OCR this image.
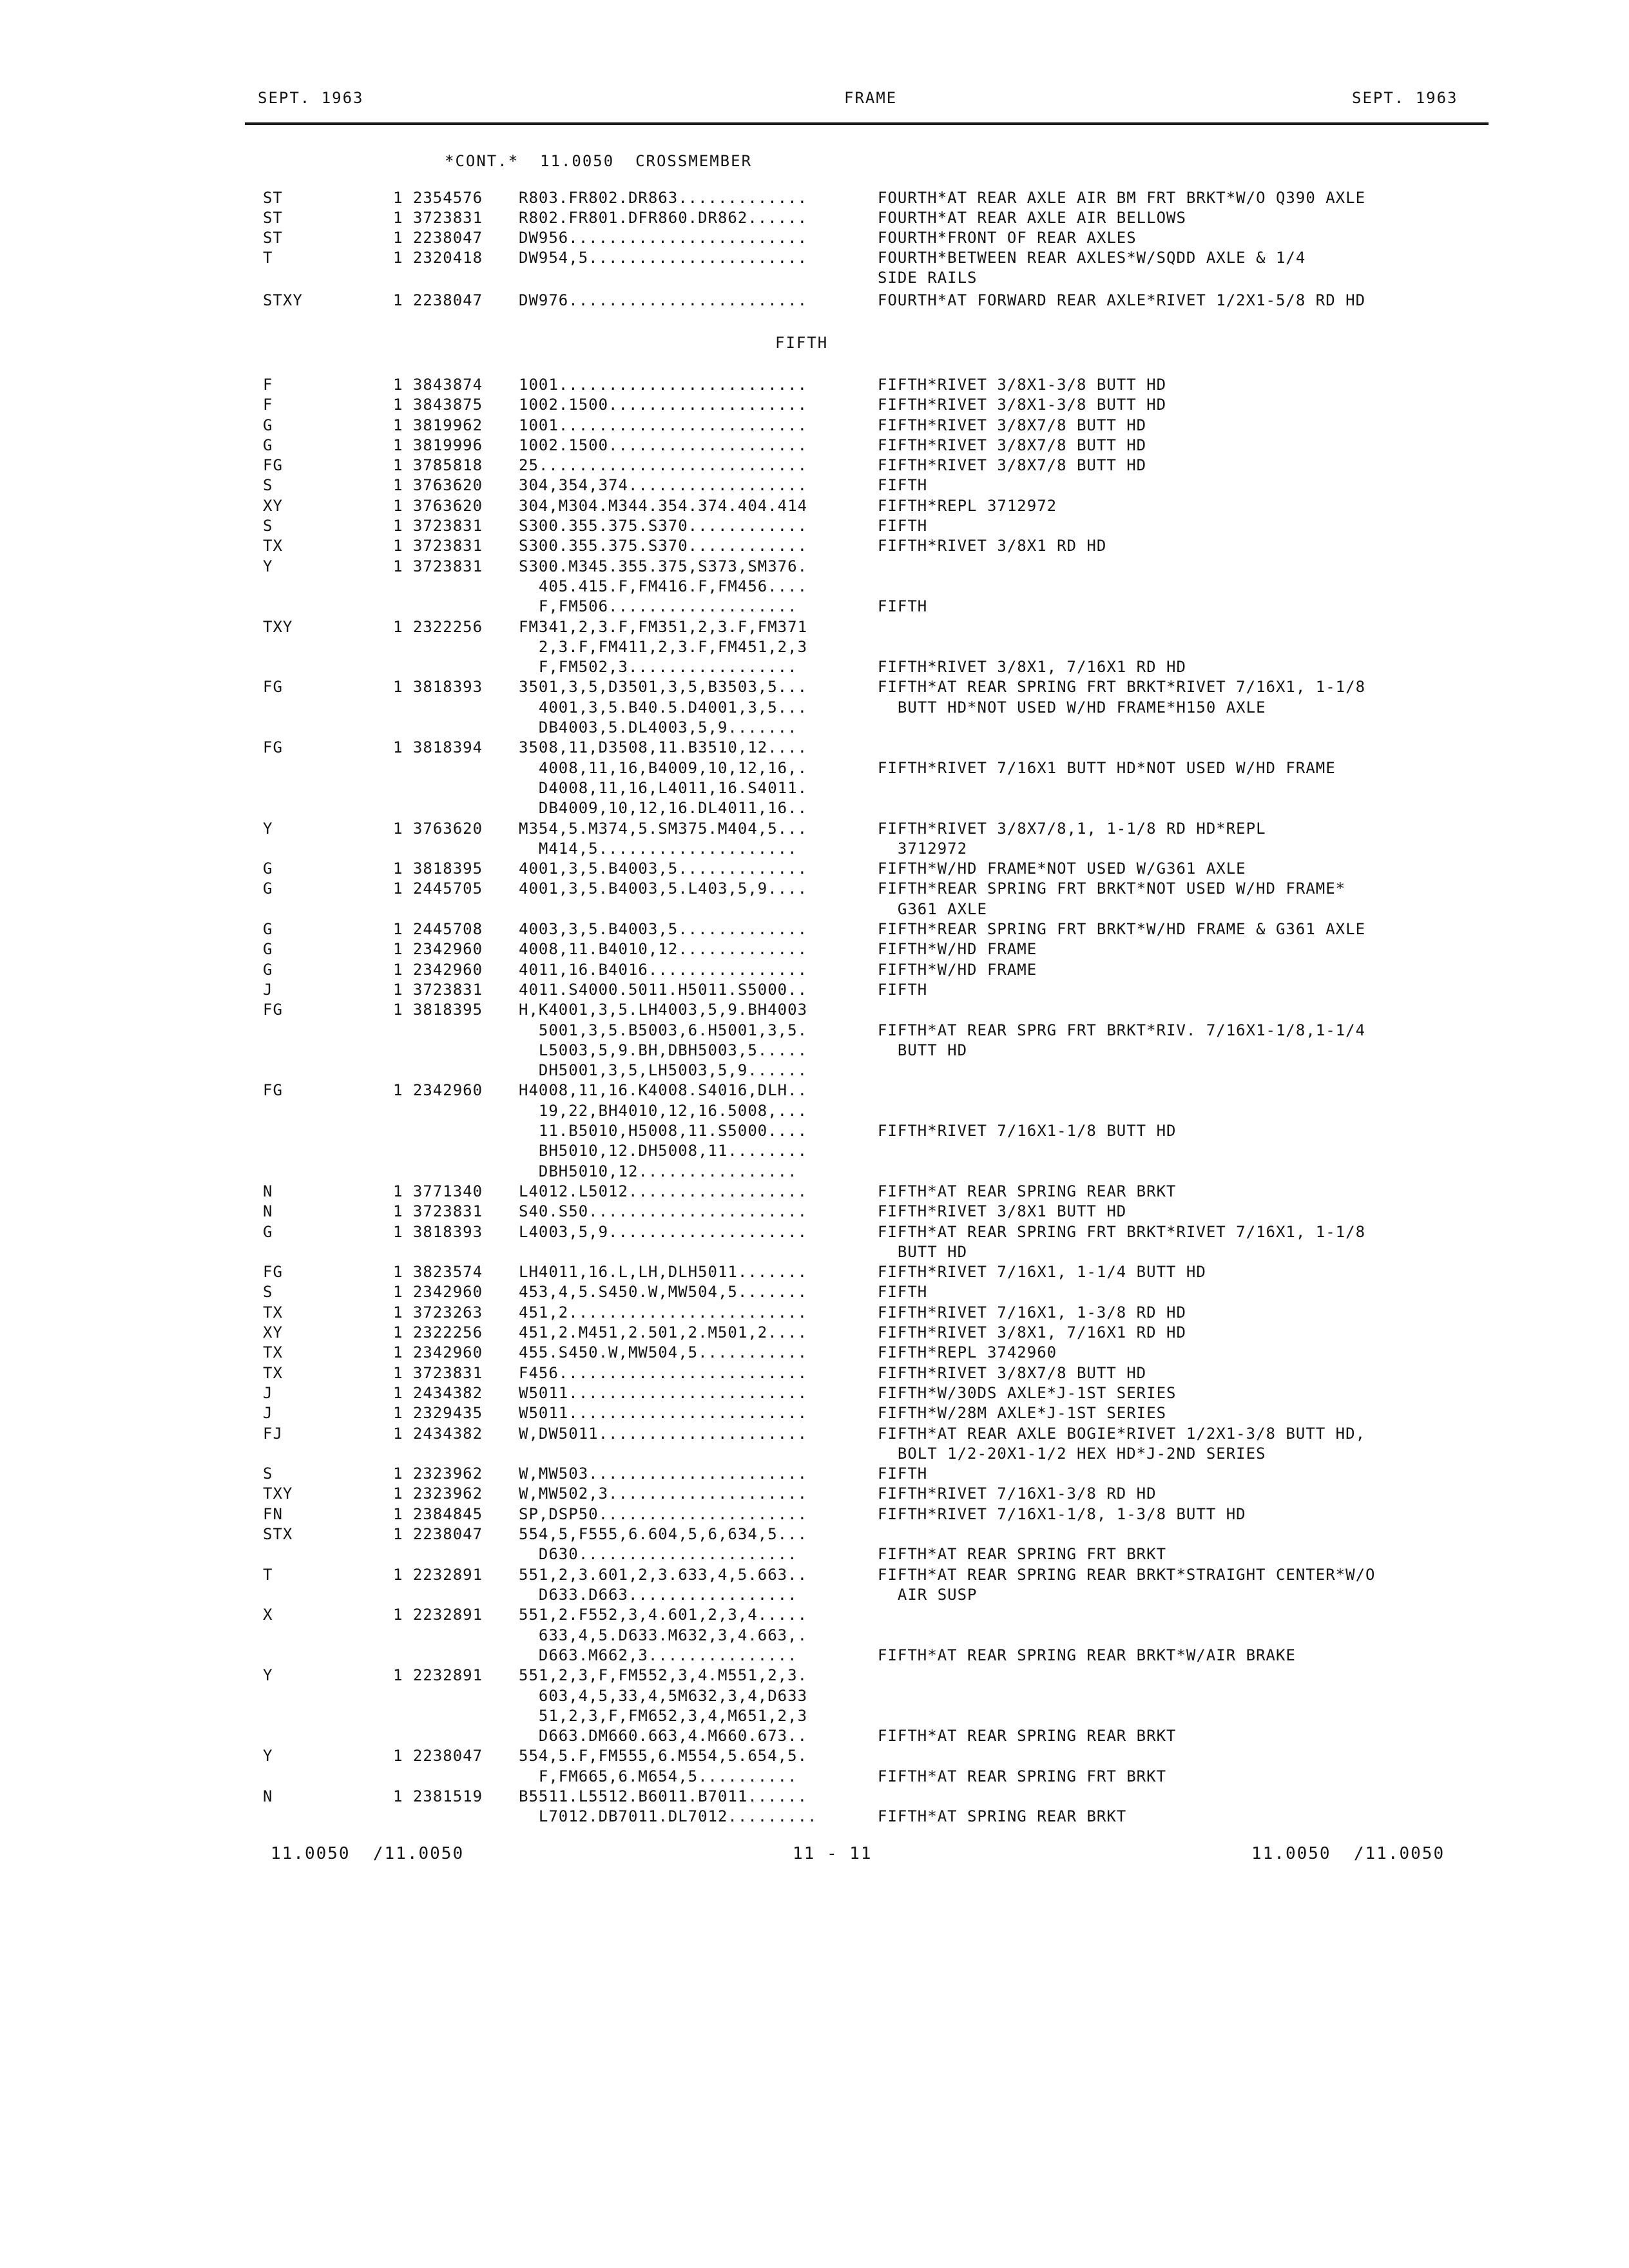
SEPT. 1963	FRAME	SEPT. 1963
*CONT.*  11.0050  CROSSMEMBER
FIFTH
ST	1 2354576 R803.FR802.DR863.............	FOURTH*AT REAR AXLE AIR BM FRT BRKT*W/O Q390 AXLE
ST	1 3723831 R802.FR801.DFR860.DR862......	FOURTH*AT REAR AXLE AIR BELLOWS
ST	1 2238047 DW956........................	FOURTH*FRONT OF REAR AXLES
T	1 2320418 DW954,5......................	FOURTH*BETWEEN REAR AXLES*W/SQDD AXLE & 1/4
SIDE RAILS
STXY	1 2238047 DW976........................	FOURTH*AT FORWARD REAR AXLE*RIVET 1/2X1-5/8 RD HD
F	1 3843874 1001.........................	FIFTH*RIVET 3/8X1-3/8 BUTT HD
F	1 3843875 1002.1500....................	FIFTH*RIVET 3/8X1-3/8 BUTT HD
G	1 3819962 1001.........................	FIFTH*RIVET 3/8X7/8 BUTT HD
G	1 3819996 1002.1500....................	FIFTH*RIVET 3/8X7/8 BUTT HD
FG	1 3785818 25...........................	FIFTH*RIVET 3/8X7/8 BUTT HD
S	1 3763620 304,354,374..................	FIFTH
XY	1 3763620 304,M304.M344.354.374.404.414	FIFTH*REPL 3712972
S	1 3723831 S300.355.375.S370............	FIFTH
TX	1 3723831 S300.355.375.S370............	FIFTH*RIVET 3/8X1 RD HD
Y	1 3723831 S300.M345.355.375,S373,SM376.
405.415.F,FM416.F,FM456....
F,FM506...................	FIFTH
TXY	1 2322256 FM341,2,3.F,FM351,2,3.F,FM371
2,3.F,FM411,2,3.F,FM451,2,3
F,FM502,3.................	FIFTH*RIVET 3/8X1, 7/16X1 RD HD
FG	1 3818393 3501,3,5,D3501,3,5,B3503,5...	FIFTH*AT REAR SPRING FRT BRKT*RIVET 7/16X1, 1-1/8
4001,3,5.B40.5.D4001,3,5...	BUTT HD*NOT USED W/HD FRAME*H150 AXLE
DB4003,5.DL4003,5,9.......
FG	1 3818394 3508,11,D3508,11.B3510,12....
4008,11,16,B4009,10,12,16,.	FIFTH*RIVET 7/16X1 BUTT HD*NOT USED W/HD FRAME
D4008,11,16,L4011,16.S4011.
DB4009,10,12,16.DL4011,16..
Y	1 3763620 M354,5.M374,5.SM375.M404,5...	FIFTH*RIVET 3/8X7/8,1, 1-1/8 RD HD*REPL
M414,5....................	3712972
G	1 3818395 4001,3,5.B4003,5.............	FIFTH*W/HD FRAME*NOT USED W/G361 AXLE
G	1 2445705 4001,3,5.B4003,5.L403,5,9....	FIFTH*REAR SPRING FRT BRKT*NOT USED W/HD FRAME*
G361 AXLE
G	1 2445708 4003,3,5.B4003,5.............	FIFTH*REAR SPRING FRT BRKT*W/HD FRAME & G361 AXLE
G	1 2342960 4008,11.B4010,12.............	FIFTH*W/HD FRAME
G	1 2342960 4011,16.B4016................	FIFTH*W/HD FRAME
J	1 3723831 4011.S4000.5011.H5011.S5000..	FIFTH
FG	1 3818395 H,K4001,3,5.LH4003,5,9.BH4003
5001,3,5.B5003,6.H5001,3,5.	FIFTH*AT REAR SPRG FRT BRKT*RIV. 7/16X1-1/8,1-1/4
L5003,5,9.BH,DBH5003,5.....	BUTT HD
DH5001,3,5,LH5003,5,9......
FG	1 2342960 H4008,11,16.K4008.S4016,DLH..
19,22,BH4010,12,16.5008,...
11.B5010,H5008,11.S5000....	FIFTH*RIVET 7/16X1-1/8 BUTT HD
BH5010,12.DH5008,11........
DBH5010,12................
N	1 3771340 L4012.L5012..................	FIFTH*AT REAR SPRING REAR BRKT
N	1 3723831 S40.S50......................	FIFTH*RIVET 3/8X1 BUTT HD
G	1 3818393 L4003,5,9....................	FIFTH*AT REAR SPRING FRT BRKT*RIVET 7/16X1, 1-1/8
BUTT HD
FG	1 3823574 LH4011,16.L,LH,DLH5011.......	FIFTH*RIVET 7/16X1, 1-1/4 BUTT HD
S	1 2342960 453,4,5.S450.W,MW504,5.......	FIFTH
TX	1 3723263 451,2........................	FIFTH*RIVET 7/16X1, 1-3/8 RD HD
XY	1 2322256 451,2.M451,2.501,2.M501,2....	FIFTH*RIVET 3/8X1, 7/16X1 RD HD
TX	1 2342960 455.S450.W,MW504,5...........	FIFTH*REPL 3742960
TX	1 3723831 F456.........................	FIFTH*RIVET 3/8X7/8 BUTT HD
J	1 2434382 W5011........................	FIFTH*W/30DS AXLE*J-1ST SERIES
J	1 2329435 W5011........................	FIFTH*W/28M AXLE*J-1ST SERIES
FJ	1 2434382 W,DW5011.....................	FIFTH*AT REAR AXLE BOGIE*RIVET 1/2X1-3/8 BUTT HD,
BOLT 1/2-20X1-1/2 HEX HD*J-2ND SERIES
S	1 2323962 W,MW503......................	FIFTH
TXY	1 2323962 W,MW502,3....................	FIFTH*RIVET 7/16X1-3/8 RD HD
FN	1 2384845 SP,DSP50.....................	FIFTH*RIVET 7/16X1-1/8, 1-3/8 BUTT HD
STX	1 2238047 554,5,F555,6.604,5,6,634,5...
D630......................	FIFTH*AT REAR SPRING FRT BRKT
T	1 2232891 551,2,3.601,2,3.633,4,5.663..	FIFTH*AT REAR SPRING REAR BRKT*STRAIGHT CENTER*W/O
D633.D663.................	AIR SUSP
X	1 2232891 551,2.F552,3,4.601,2,3,4.....
633,4,5.D633.M632,3,4.663,.
D663.M662,3...............	FIFTH*AT REAR SPRING REAR BRKT*W/AIR BRAKE
Y	1 2232891 551,2,3,F,FM552,3,4.M551,2,3.
603,4,5,33,4,5M632,3,4,D633
51,2,3,F,FM652,3,4,M651,2,3
D663.DM660.663,4.M660.673..	FIFTH*AT REAR SPRING REAR BRKT
Y	1 2238047 554,5.F,FM555,6.M554,5.654,5.
F,FM665,6.M654,5..........	FIFTH*AT REAR SPRING FRT BRKT
N	1 2381519 B5511.L5512.B6011.B7011......
L7012.DB7011.DL7012.........	FIFTH*AT SPRING REAR BRKT
11.0050  /11.0050	11 - 11	11.0050  /11.0050
